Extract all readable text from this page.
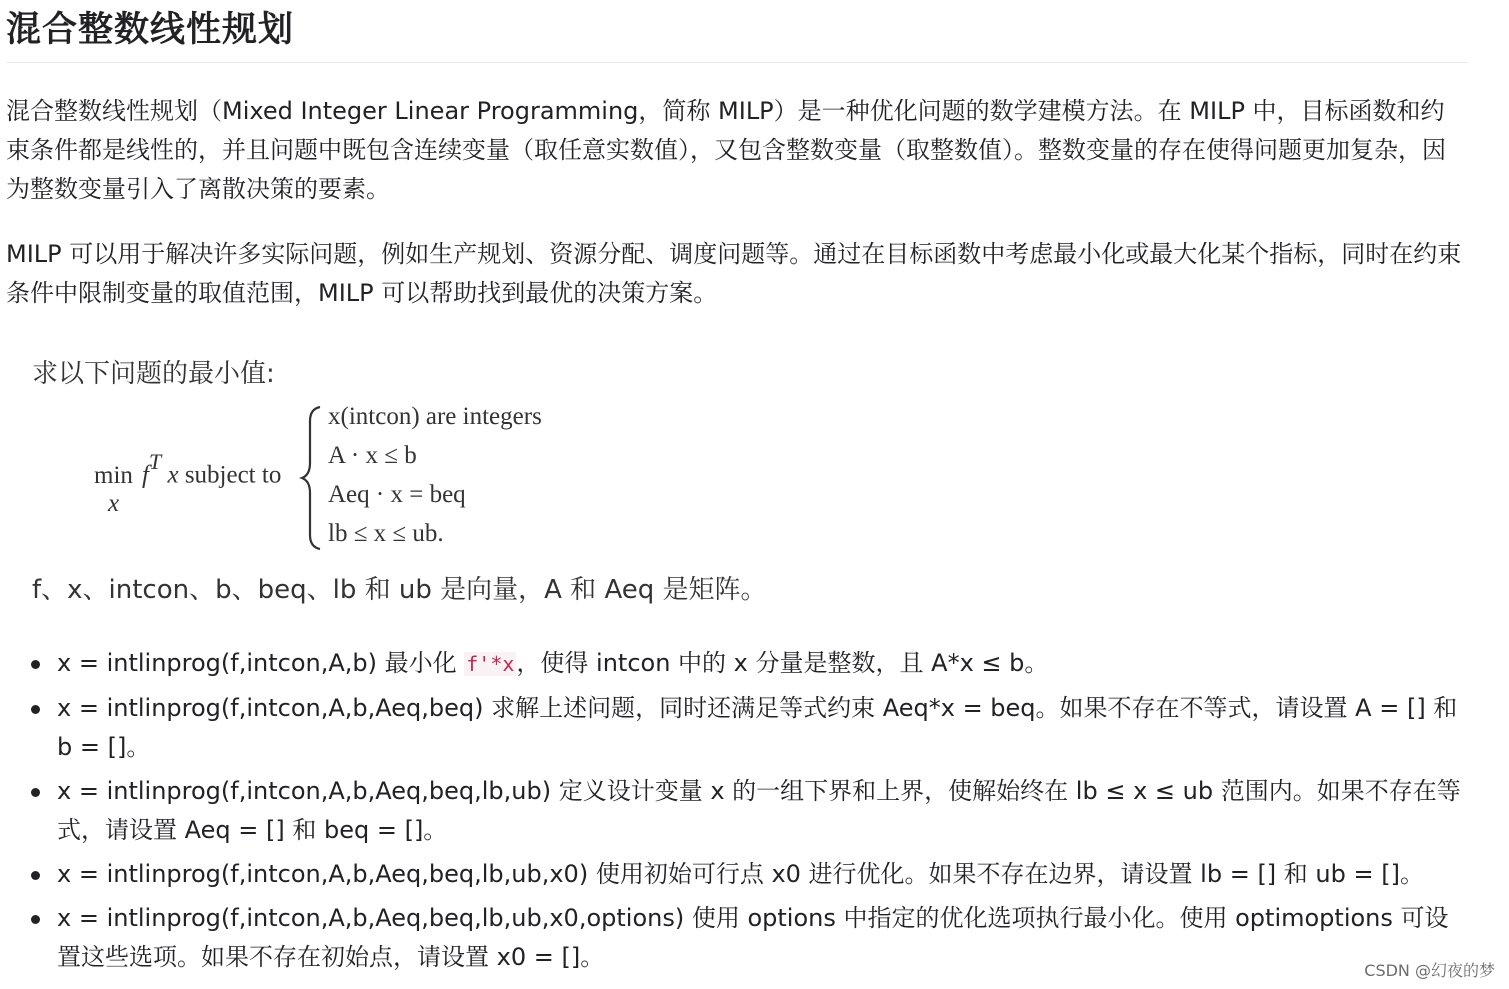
混合整数线性规划

混合整数线性规划（Mixed Integer Linear Programming，简称 MILP）是一种优化问题的数学建模方法。在 MILP 中，目标函数和约束条件都是线性的，并且问题中既包含连续变量（取任意实数值），又包含整数变量（取整数值）。整数变量的存在使得问题更加复杂，因为整数变量引入了离散决策的要素。

MILP 可以用于解决许多实际问题，例如生产规划、资源分配、调度问题等。通过在目标函数中考虑最小化或最大化某个指标，同时在约束条件中限制变量的取值范围，MILP 可以帮助找到最优的决策方案。

求以下问题的最小值:
min
x
$f^T$ x subject to
x(intcon) are integers
A · x ≤ b
Aeq · x = beq
lb ≤ x ≤ ub.
f、x、intcon、b、beq、lb 和 ub 是向量，A 和 Aeq 是矩阵。
x = intlinprog(f,intcon,A,b) 最小化 f'*x，使得 intcon 中的 x 分量是整数，且 A*x ≤ b。
x = intlinprog(f,intcon,A,b,Aeq,beq) 求解上述问题，同时还满足等式约束 Aeq*x = beq。如果不存在不等式，请设置 A = [] 和 b = []。
x = intlinprog(f,intcon,A,b,Aeq,beq,lb,ub) 定义设计变量 x 的一组下界和上界，使解始终在 lb ≤ x ≤ ub 范围内。如果不存在等式，请设置 Aeq = [] 和 beq = []。
x = intlinprog(f,intcon,A,b,Aeq,beq,lb,ub,x0) 使用初始可行点 x0 进行优化。如果不存在边界，请设置 lb = [] 和 ub = []。
x = intlinprog(f,intcon,A,b,Aeq,beq,lb,ub,x0,options) 使用 options 中指定的优化选项执行最小化。使用 optimoptions 可设置这些选项。如果不存在初始点，请设置 x0 = []。	CSDN @幻夜的梦
